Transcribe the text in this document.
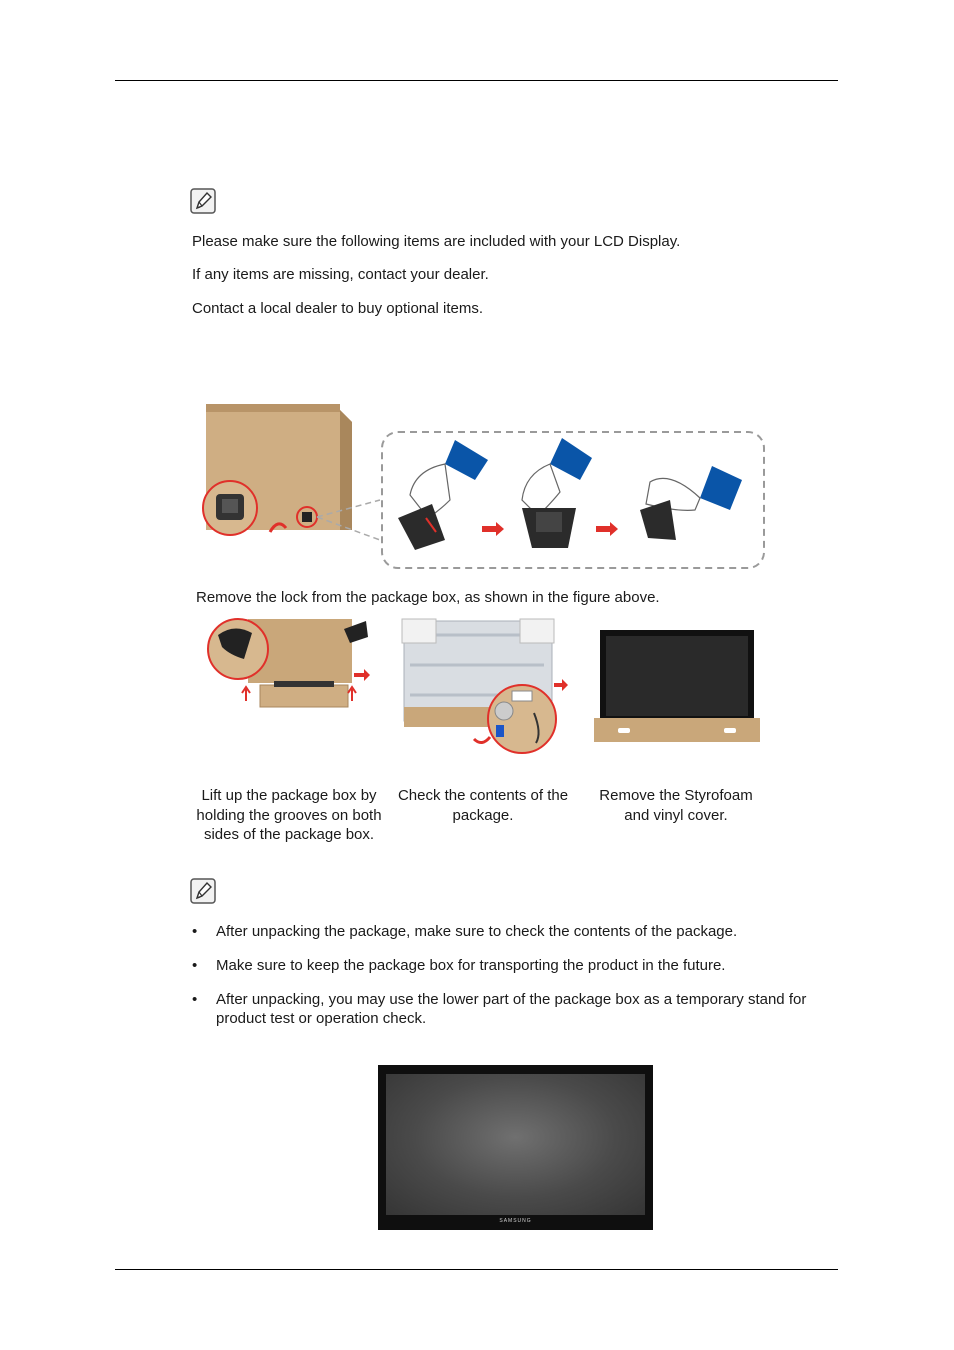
Please make sure the following items are included with your LCD Display.
If any items are missing, contact your dealer.
Contact a local dealer to buy optional items.
Remove the lock from the package box, as shown in the figure above.
Lift up the package box by holding the grooves on both sides of the package box.
Check the contents of the package.
Remove the Styrofoam and vinyl cover.
• After unpacking the package, make sure to check the contents of the package.
• Make sure to keep the package box for transporting the product in the future.
• After unpacking, you may use the lower part of the package box as a temporary stand for product test or operation check.
SAMSUNG
